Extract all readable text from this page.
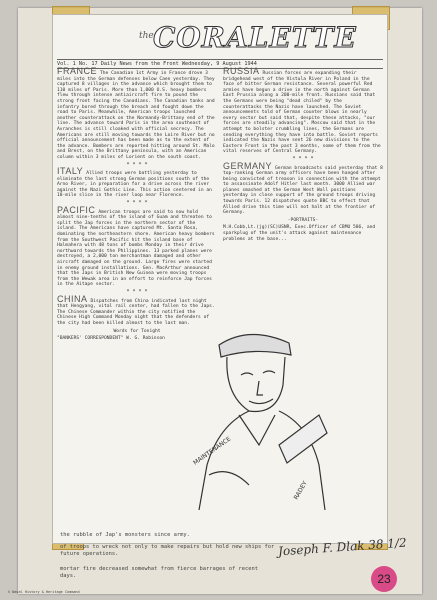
the CORALETTE
Vol. 1 No. 17 Daily News from the Front Wednesday, 9 August 1944

FRANCE The Canadian 1st Army in France drove 3 miles into the German defenses below Caen yesterday. They captured 8 villages in the advance which brought them to 110 miles of Paris. More than 1,000 U.S. heavy bombers flew through intense antiaircraft fire to pound the strong front facing the Canadians. The Canadian tanks and infantry bored through the breach and fought down the road to Paris. Meanwhile, American troops launched another counterattack on the Normandy-Brittany end of the line. The advance toward Paris in the area southeast of Avranches is still cloaked with official secrecy. The Americans are still moving towards the Loire River but no official announcement has been made as to the extent of the advance. Bombers are reported hitting around St. Malo and Brest, on the Brittany peninsula, with an American column within 3 miles of Lorient on the south coast.

* * * *

ITALY Allied troops were battling yesterday to eliminate the last strong German positions south of the Arno River, in preparation for a drive across the river against the Nazi Gothic Line. This action centered in an 18-mile slice in the river loop near Florence.

* * * *

PACIFIC American troops are said to now hold almost nine-tenths of the island of Guam and threaten to split the Jap forces in the northern sector of the island. The Americans have captured Mt. Santa Rosa, dominating the northeastern shore. American heavy bombers from the Southwest Pacific hit the island base of Halmahera with 48 tons of bombs Monday in their drive northward towards the Philippines. 13 parked planes were destroyed, a 2,000 ton merchantman damaged and other aircraft damaged on the ground. Large fires were started in enemy ground installations. Gen. MacArthur announced that the Japs in British New Guinea were moving troops from the Wewak area in an effort to reinforce Jap forces in the Aitape sector.

* * * *

CHINA Dispatches from China indicated last night that Hengyang, vital rail center, had fallen to the Japs. The Chinese Commander within the city notified the Chinese High Command Monday night that the defenders of the city had been killed almost to the last man.

Words for Tonight

"BANKERS' CORRESPONDENT" W. G. Robinson

RUSSIA Russian forces are expanding their bridgehead west of the Vistula River in Poland in the face of bitter German resistance. Several powerful Red armies have begun a drive in the north against German East Prussia along a 200-mile front. Russians said that the Germans were being "dead chiled" by the counterattacks the Nazis have launched. The Soviet announcements told of German counter blows in nearly every sector but said that, despite these attacks, "our forces are steadily advancing". Moscow said that in the attempt to bolster crumbling lines, the Germans are sending everything they have into battle. Soviet reports indicated the Nazis have sent 26 new divisions to the Eastern Front in the past 3 months, some of them from the vital reserves of Central Germany.

* * * *

GERMANY German broadcasts said yesterday that 8 top-ranking German army officers have been hanged after being convicted of treason in connection with the attempt to assassinate Adolf Hitler last month. 3000 Allied war planes smashed at the German West Wall positions yesterday in close support of the ground troops driving towards Paris. 12 dispatches quote BBC to effect that Allied drive this time will not halt at the frontier of Germany.

-PORTRAITS-

M.H.Cobb,Lt.(jg)(SC)USNR, Exec.Officer of CBMU 586, and sparkplug of the unit's attack against maintenance problems at the base...

MAINTENANCE
RADEY
the rubble of Jap's monsters since army.
of troops to wreck not only to make repairs but hold new ships for
future operations.
mortar fire decreased somewhat from fierce barrages of recent
days.
Joseph F. Dlak 38 1/2
23
© Naval History & Heritage Command
